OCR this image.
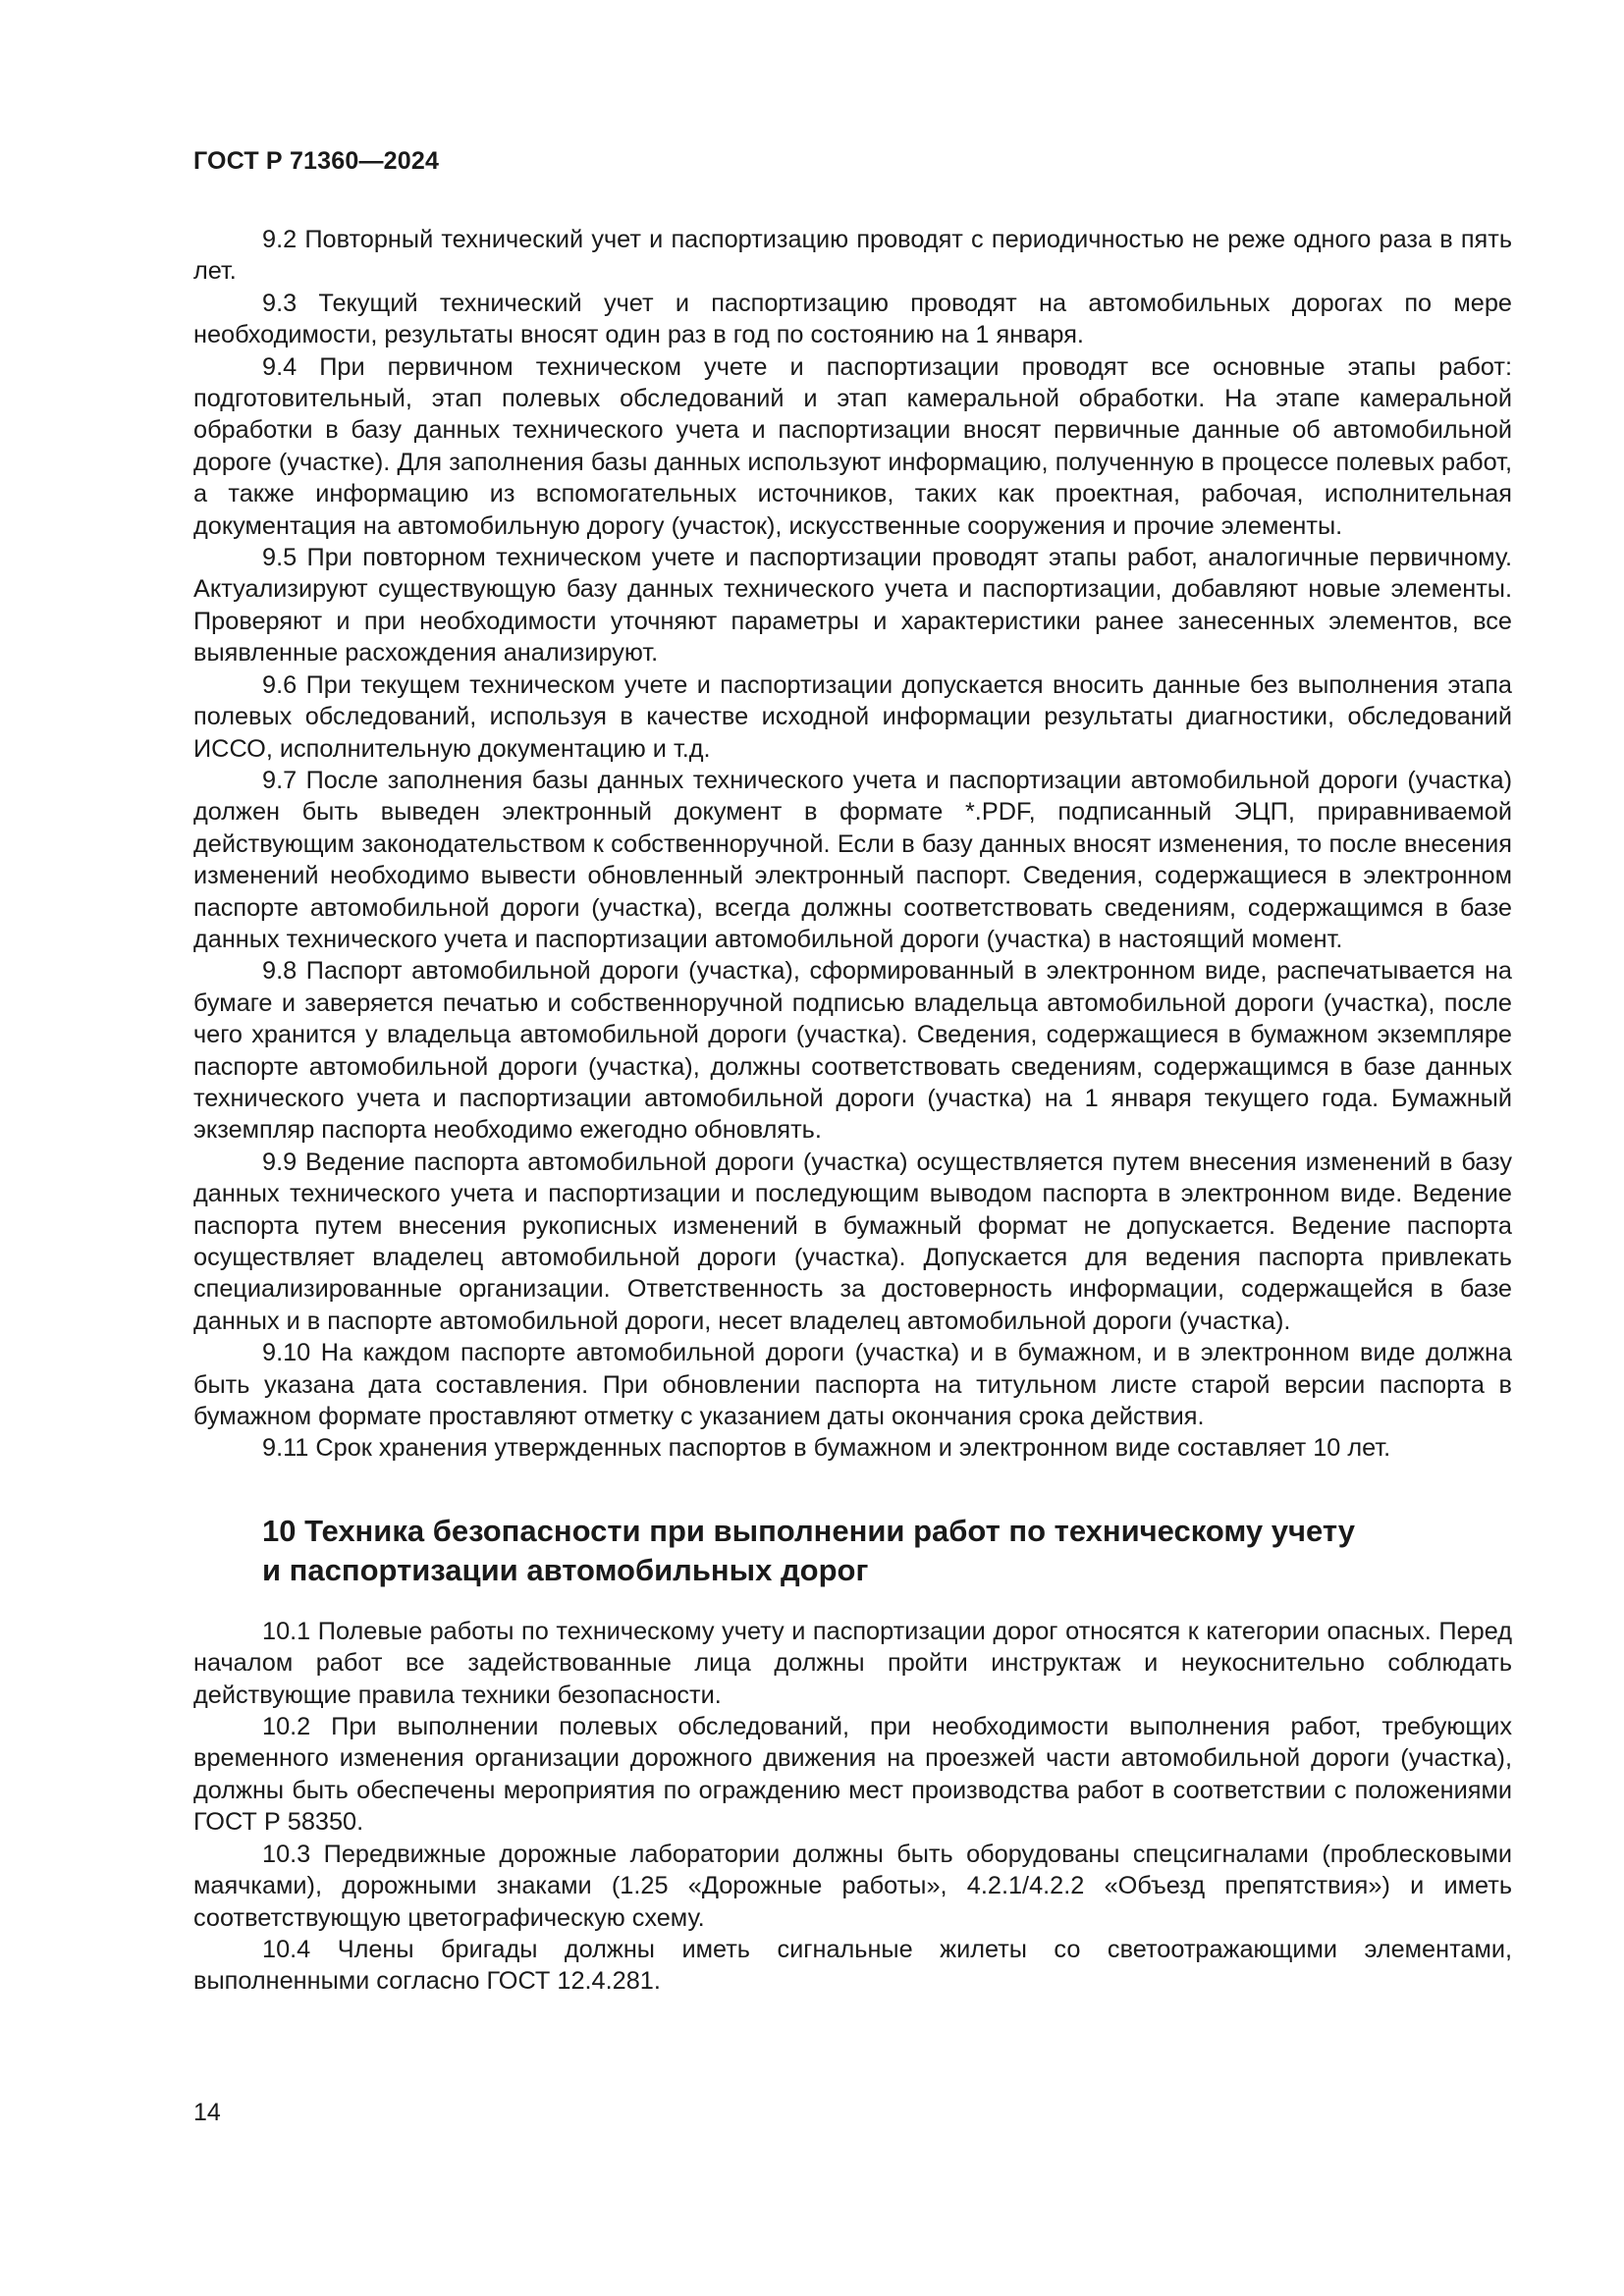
ГОСТ Р 71360—2024

9.2 Повторный технический учет и паспортизацию проводят с периодичностью не реже одного раза в пять лет.

9.3 Текущий технический учет и паспортизацию проводят на автомобильных дорогах по мере необходимости, результаты вносят один раз в год по состоянию на 1 января.

9.4 При первичном техническом учете и паспортизации проводят все основные этапы работ: подготовительный, этап полевых обследований и этап камеральной обработки. На этапе камеральной обработки в базу данных технического учета и паспортизации вносят первичные данные об автомобильной дороге (участке). Для заполнения базы данных используют информацию, полученную в процессе полевых работ, а также информацию из вспомогательных источников, таких как проектная, рабочая, исполнительная документация на автомобильную дорогу (участок), искусственные сооружения и прочие элементы.

9.5 При повторном техническом учете и паспортизации проводят этапы работ, аналогичные первичному. Актуализируют существующую базу данных технического учета и паспортизации, добавляют новые элементы. Проверяют и при необходимости уточняют параметры и характеристики ранее занесенных элементов, все выявленные расхождения анализируют.

9.6 При текущем техническом учете и паспортизации допускается вносить данные без выполнения этапа полевых обследований, используя в качестве исходной информации результаты диагностики, обследований ИССО, исполнительную документацию и т.д.

9.7 После заполнения базы данных технического учета и паспортизации автомобильной дороги (участка) должен быть выведен электронный документ в формате *.PDF, подписанный ЭЦП, приравниваемой действующим законодательством к собственноручной. Если в базу данных вносят изменения, то после внесения изменений необходимо вывести обновленный электронный паспорт. Сведения, содержащиеся в электронном паспорте автомобильной дороги (участка), всегда должны соответствовать сведениям, содержащимся в базе данных технического учета и паспортизации автомобильной дороги (участка) в настоящий момент.

9.8 Паспорт автомобильной дороги (участка), сформированный в электронном виде, распечатывается на бумаге и заверяется печатью и собственноручной подписью владельца автомобильной дороги (участка), после чего хранится у владельца автомобильной дороги (участка). Сведения, содержащиеся в бумажном экземпляре паспорте автомобильной дороги (участка), должны соответствовать сведениям, содержащимся в базе данных технического учета и паспортизации автомобильной дороги (участка) на 1 января текущего года. Бумажный экземпляр паспорта необходимо ежегодно обновлять.

9.9 Ведение паспорта автомобильной дороги (участка) осуществляется путем внесения изменений в базу данных технического учета и паспортизации и последующим выводом паспорта в электронном виде. Ведение паспорта путем внесения рукописных изменений в бумажный формат не допускается. Ведение паспорта осуществляет владелец автомобильной дороги (участка). Допускается для ведения паспорта привлекать специализированные организации. Ответственность за достоверность информации, содержащейся в базе данных и в паспорте автомобильной дороги, несет владелец автомобильной дороги (участка).

9.10 На каждом паспорте автомобильной дороги (участка) и в бумажном, и в электронном виде должна быть указана дата составления. При обновлении паспорта на титульном листе старой версии паспорта в бумажном формате проставляют отметку с указанием даты окончания срока действия.

9.11 Срок хранения утвержденных паспортов в бумажном и электронном виде составляет 10 лет.

10 Техника безопасности при выполнении работ по техническому учету
и паспортизации автомобильных дорог

10.1 Полевые работы по техническому учету и паспортизации дорог относятся к категории опасных. Перед началом работ все задействованные лица должны пройти инструктаж и неукоснительно соблюдать действующие правила техники безопасности.

10.2 При выполнении полевых обследований, при необходимости выполнения работ, требующих временного изменения организации дорожного движения на проезжей части автомобильной дороги (участка), должны быть обеспечены мероприятия по ограждению мест производства работ в соответствии с положениями ГОСТ Р 58350.

10.3 Передвижные дорожные лаборатории должны быть оборудованы спецсигналами (проблесковыми маячками), дорожными знаками (1.25 «Дорожные работы», 4.2.1/4.2.2 «Объезд препятствия») и иметь соответствующую цветографическую схему.

10.4 Члены бригады должны иметь сигнальные жилеты со светоотражающими элементами, выполненными согласно ГОСТ 12.4.281.

14
